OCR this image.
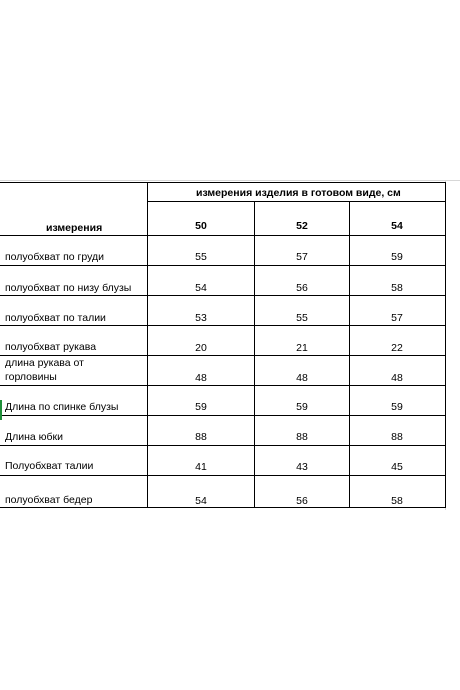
измерения изделия в готовом виде, см
измерения	50	52	54
полуобхват по груди	55	57	59
полуобхват по низу блузы	54	56	58
полуобхват по талии	53	55	57
полуобхват рукава	20	21	22
длина рукава от
горловины	48	48	48
Длина по спинке блузы	59	59	59
Длина юбки	88	88	88
Полуобхват талии	41	43	45
полуобхват бедер	54	56	58
